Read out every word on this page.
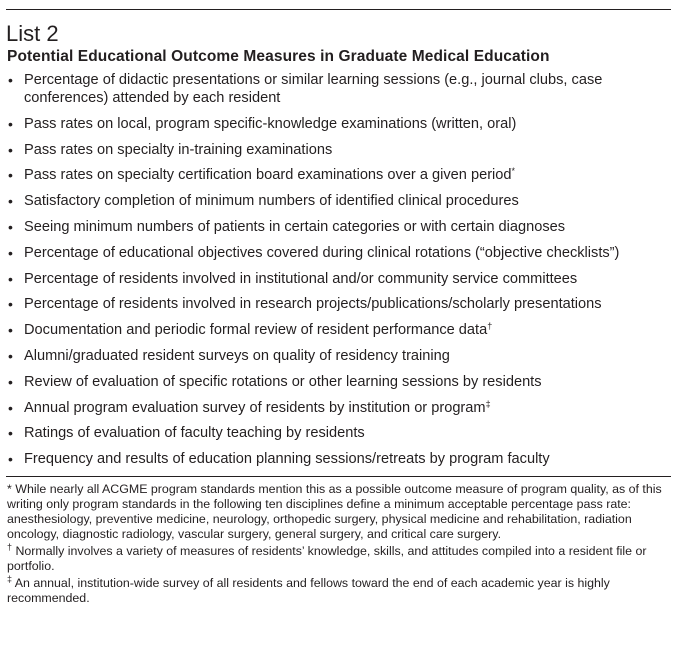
List 2
Potential Educational Outcome Measures in Graduate Medical Education
• Percentage of didactic presentations or similar learning sessions (e.g., journal clubs, case conferences) attended by each resident
• Pass rates on local, program specific-knowledge examinations (written, oral)
• Pass rates on specialty in-training examinations
• Pass rates on specialty certification board examinations over a given period*
• Satisfactory completion of minimum numbers of identified clinical procedures
• Seeing minimum numbers of patients in certain categories or with certain diagnoses
• Percentage of educational objectives covered during clinical rotations (“objective checklists”)
• Percentage of residents involved in institutional and/or community service committees
• Percentage of residents involved in research projects/publications/scholarly presentations
• Documentation and periodic formal review of resident performance data†
• Alumni/graduated resident surveys on quality of residency training
• Review of evaluation of specific rotations or other learning sessions by residents
• Annual program evaluation survey of residents by institution or program‡
• Ratings of evaluation of faculty teaching by residents
• Frequency and results of education planning sessions/retreats by program faculty

* While nearly all ACGME program standards mention this as a possible outcome measure of program quality, as of this writing only program standards in the following ten disciplines define a minimum acceptable percentage pass rate: anesthesiology, preventive medicine, neurology, orthopedic surgery, physical medicine and rehabilitation, radiation oncology, diagnostic radiology, vascular surgery, general surgery, and critical care surgery.

† Normally involves a variety of measures of residents’ knowledge, skills, and attitudes compiled into a resident file or portfolio.

‡ An annual, institution-wide survey of all residents and fellows toward the end of each academic year is highly recommended.
